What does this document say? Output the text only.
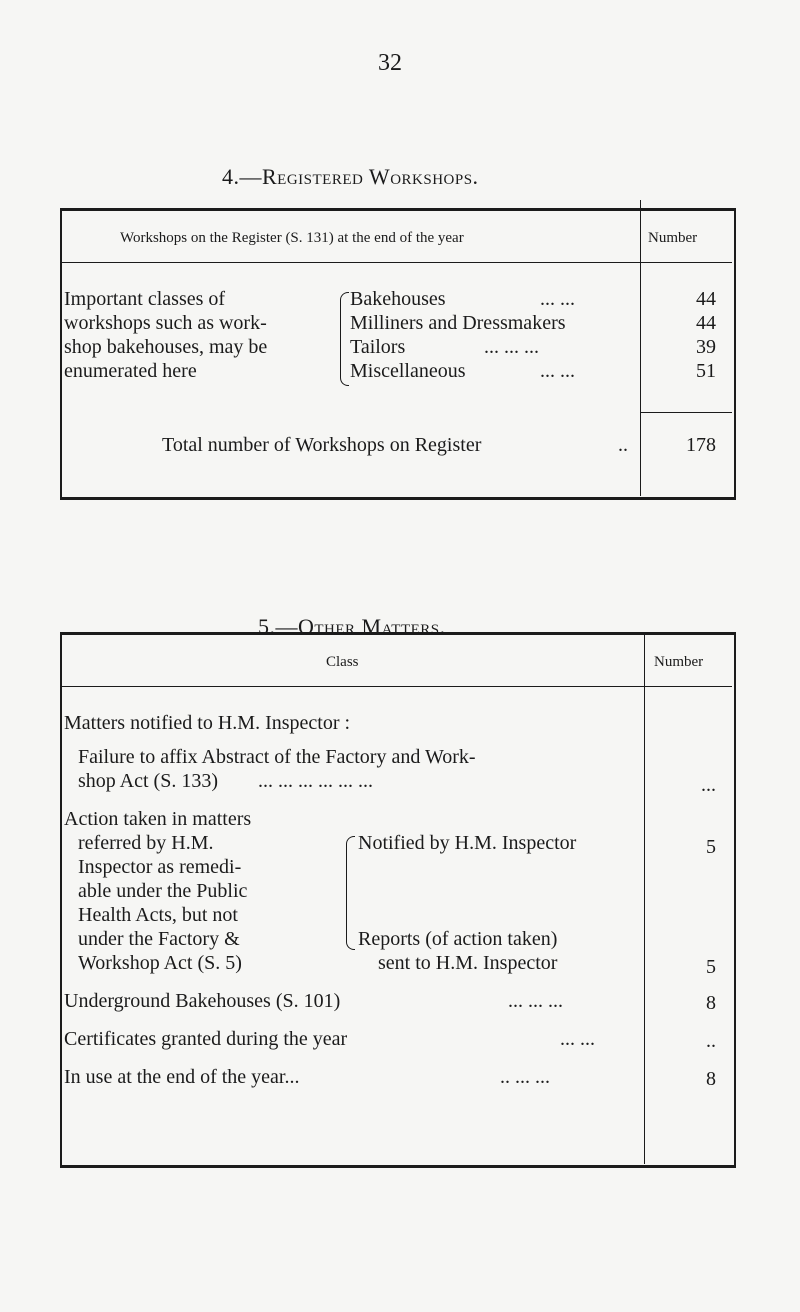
32
4.—Registered Workshops.
Workshops on the Register (S. 131) at the end of the year	Number
Important classes of
workshops such as work-
shop bakehouses, may be
enumerated here
Bakehouses	... ...	44
Milliners and Dressmakers	44
Tailors	... ... ...	39
Miscellaneous	... ...	51
Total number of Workshops on Register	..	178
5.—Other Matters.
Class	Number
Matters notified to H.M. Inspector :
Failure to affix Abstract of the Factory and Work-
shop Act (S. 133) ... ... ... ... ... ...	...
Action taken in matters
referred by H.M.
Inspector as remedi-
able under the Public
Health Acts, but not
under the Factory &
Workshop Act (S. 5)
Notified by H.M. Inspector	5
Reports (of action taken)
sent to H.M. Inspector	5
Underground Bakehouses (S. 101)	... ... ...	8
Certificates granted during the year	... ...	..
In use at the end of the year...	.. ... ...	8
